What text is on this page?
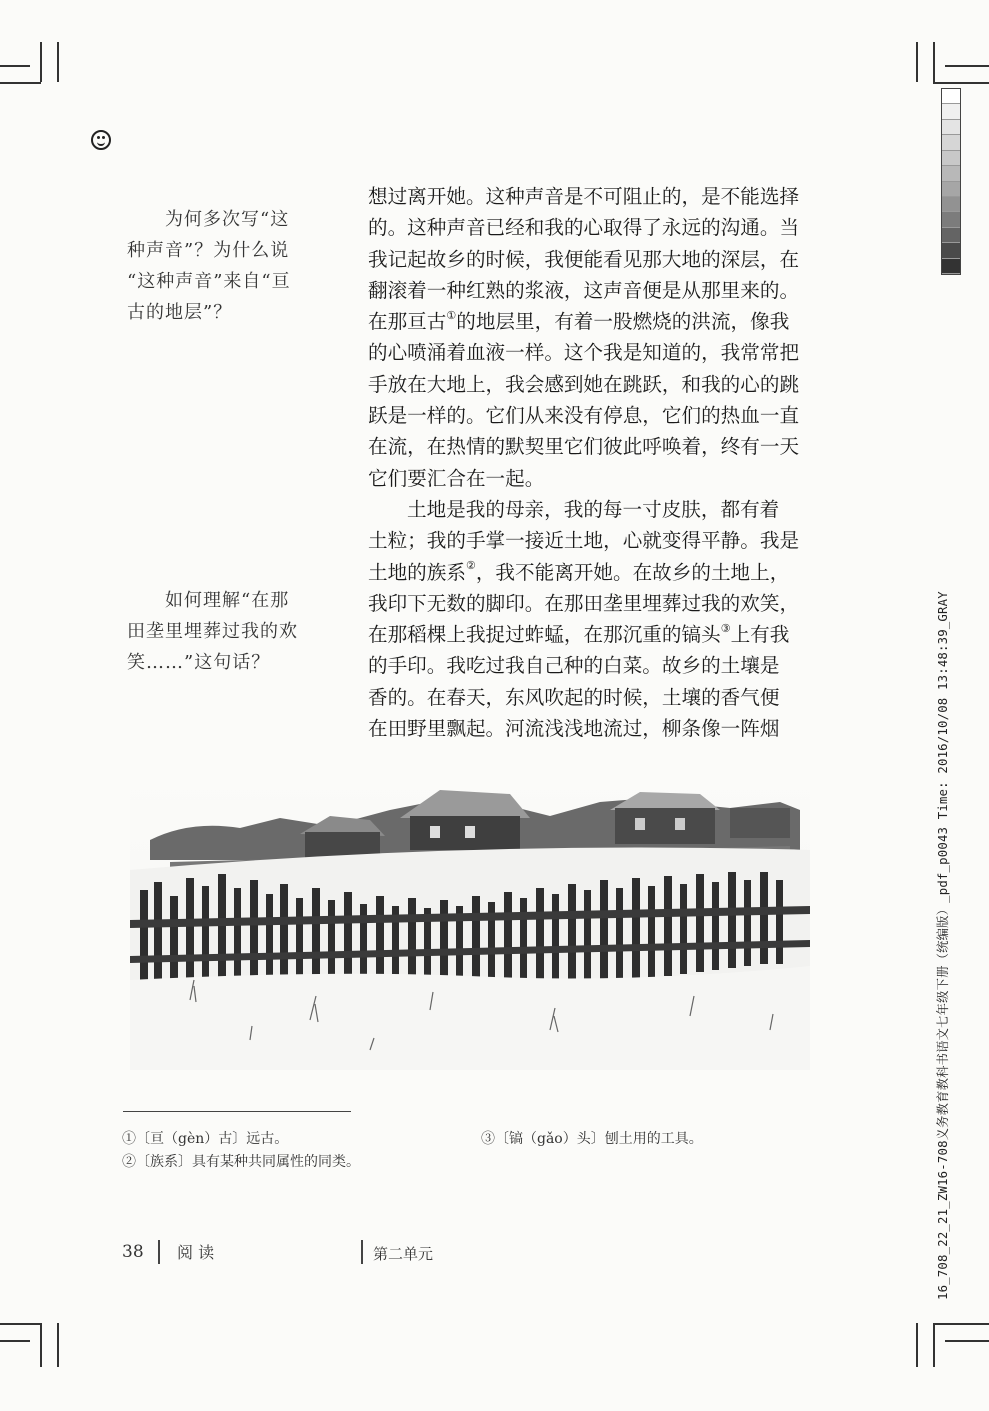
为何多次写“这
种声音”？为什么说
“这种声音”来自“亘
古的地层”？
如何理解“在那
田垄里埋葬过我的欢
笑……”这句话？
想过离开她。这种声音是不可阻止的，是不能选择
的。这种声音已经和我的心取得了永远的沟通。当
我记起故乡的时候，我便能看见那大地的深层，在
翻滚着一种红熟的浆液，这声音便是从那里来的。
在那亘古①的地层里，有着一股燃烧的洪流，像我
的心喷涌着血液一样。这个我是知道的，我常常把
手放在大地上，我会感到她在跳跃，和我的心的跳
跃是一样的。它们从来没有停息，它们的热血一直
在流，在热情的默契里它们彼此呼唤着，终有一天
它们要汇合在一起。
土地是我的母亲，我的每一寸皮肤，都有着
土粒；我的手掌一接近土地，心就变得平静。我是
土地的族系②，我不能离开她。在故乡的土地上，
我印下无数的脚印。在那田垄里埋葬过我的欢笑，
在那稻棵上我捉过蚱蜢，在那沉重的镐头③上有我
的手印。我吃过我自己种的白菜。故乡的土壤是
香的。在春天，东风吹起的时候，土壤的香气便
在田野里飘起。河流浅浅地流过，柳条像一阵烟
①〔亘（gèn）古〕远古。
②〔族系〕具有某种共同属性的同类。
③〔镐（gǎo）头〕刨土用的工具。
38 阅 读	第二单元	16_708_22_21_ZW16-708义务教育教科书语文七年级下册（统编版）_pdf_p0043 Time: 2016/10/08 13:48:39_GRAY
